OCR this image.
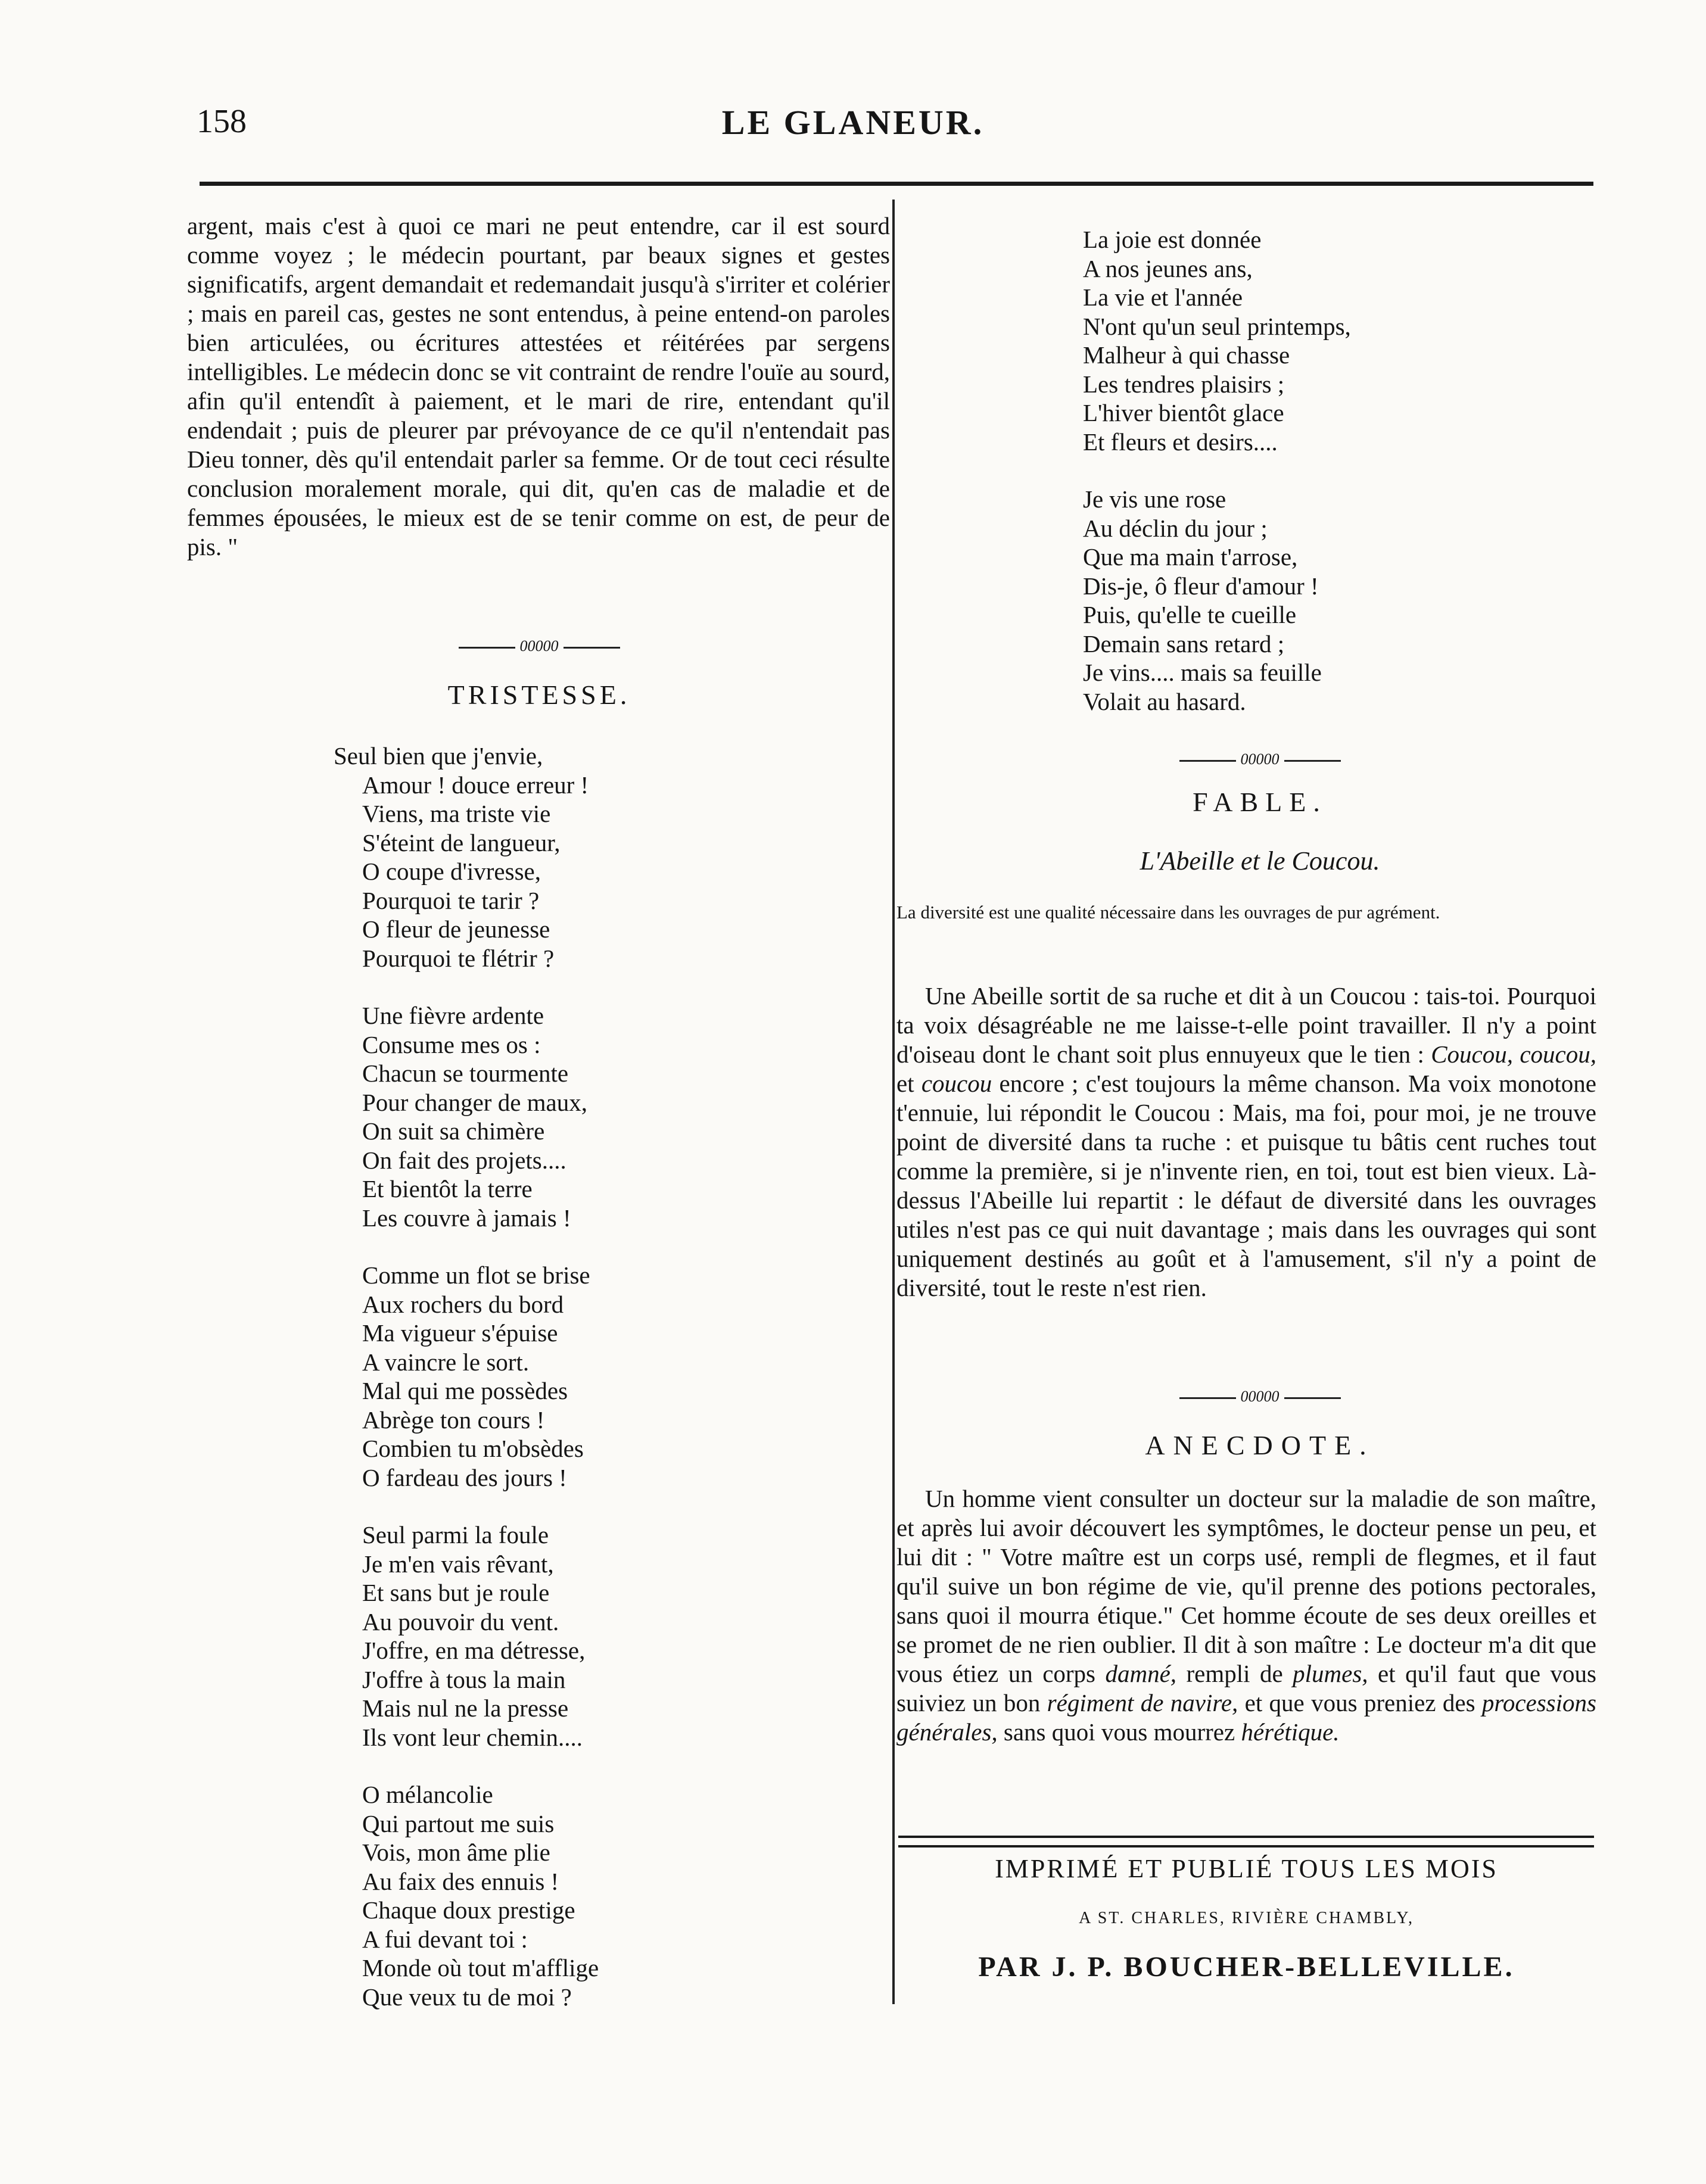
158	LE GLANEUR.

argent, mais c'est à quoi ce mari ne peut entendre, car il est sourd comme voyez ; le médecin pourtant, par beaux signes et gestes significatifs, argent demandait et redemandait jusqu'à s'irriter et colérier ; mais en pareil cas, gestes ne sont entendus, à peine entend-on paroles bien articulées, ou écritures attestées et réitérées par sergens intelligibles. Le médecin donc se vit contraint de rendre l'ouïe au sourd, afin qu'il entendît à paiement, et le mari de rire, entendant qu'il endendait ; puis de pleurer par prévoyance de ce qu'il n'entendait pas Dieu tonner, dès qu'il entendait parler sa femme. Or de tout ceci résulte conclusion moralement morale, qui dit, qu'en cas de maladie et de femmes épousées, le mieux est de se tenir comme on est, de peur de pis. "

00000
TRISTESSE.
Seul bien que j'envie,
Amour ! douce erreur !
Viens, ma triste vie
S'éteint de langueur,
O coupe d'ivresse,
Pourquoi te tarir ?
O fleur de jeunesse
Pourquoi te flétrir ?
Une fièvre ardente
Consume mes os :
Chacun se tourmente
Pour changer de maux,
On suit sa chimère
On fait des projets....
Et bientôt la terre
Les couvre à jamais !
Comme un flot se brise
Aux rochers du bord
Ma vigueur s'épuise
A vaincre le sort.
Mal qui me possèdes
Abrège ton cours !
Combien tu m'obsèdes
O fardeau des jours !
Seul parmi la foule
Je m'en vais rêvant,
Et sans but je roule
Au pouvoir du vent.
J'offre, en ma détresse,
J'offre à tous la main
Mais nul ne la presse
Ils vont leur chemin....
O mélancolie
Qui partout me suis
Vois, mon âme plie
Au faix des ennuis !
Chaque doux prestige
A fui devant toi :
Monde où tout m'afflige
Que veux tu de moi ?
La joie est donnée
A nos jeunes ans,
La vie et l'année
N'ont qu'un seul printemps,
Malheur à qui chasse
Les tendres plaisirs ;
L'hiver bientôt glace
Et fleurs et desirs....
Je vis une rose
Au déclin du jour ;
Que ma main t'arrose,
Dis-je, ô fleur d'amour !
Puis, qu'elle te cueille
Demain sans retard ;
Je vins.... mais sa feuille
Volait au hasard.
00000
FABLE.
L'Abeille et le Coucou.
La diversité est une qualité nécessaire dans les ouvrages de pur agrément.

Une Abeille sortit de sa ruche et dit à un Coucou : tais-toi. Pourquoi ta voix désagréable ne me laisse-t-elle point travailler. Il n'y a point d'oiseau dont le chant soit plus ennuyeux que le tien : Coucou, coucou, et coucou encore ; c'est toujours la même chanson. Ma voix monotone t'ennuie, lui répondit le Coucou : Mais, ma foi, pour moi, je ne trouve point de diversité dans ta ruche : et puisque tu bâtis cent ruches tout comme la première, si je n'invente rien, en toi, tout est bien vieux. Là-dessus l'Abeille lui repartit : le défaut de diversité dans les ouvrages utiles n'est pas ce qui nuit davantage ; mais dans les ouvrages qui sont uniquement destinés au goût et à l'amusement, s'il n'y a point de diversité, tout le reste n'est rien.

00000
ANECDOTE.

Un homme vient consulter un docteur sur la maladie de son maître, et après lui avoir découvert les symptômes, le docteur pense un peu, et lui dit : " Votre maître est un corps usé, rempli de flegmes, et il faut qu'il suive un bon régime de vie, qu'il prenne des potions pectorales, sans quoi il mourra étique." Cet homme écoute de ses deux oreilles et se promet de ne rien oublier. Il dit à son maître : Le docteur m'a dit que vous étiez un corps damné, rempli de plumes, et qu'il faut que vous suiviez un bon régiment de navire, et que vous preniez des processions générales, sans quoi vous mourrez hérétique.

IMPRIMÉ ET PUBLIÉ TOUS LES MOIS
A ST. CHARLES, RIVIÈRE CHAMBLY,
PAR J. P. BOUCHER-BELLEVILLE.
